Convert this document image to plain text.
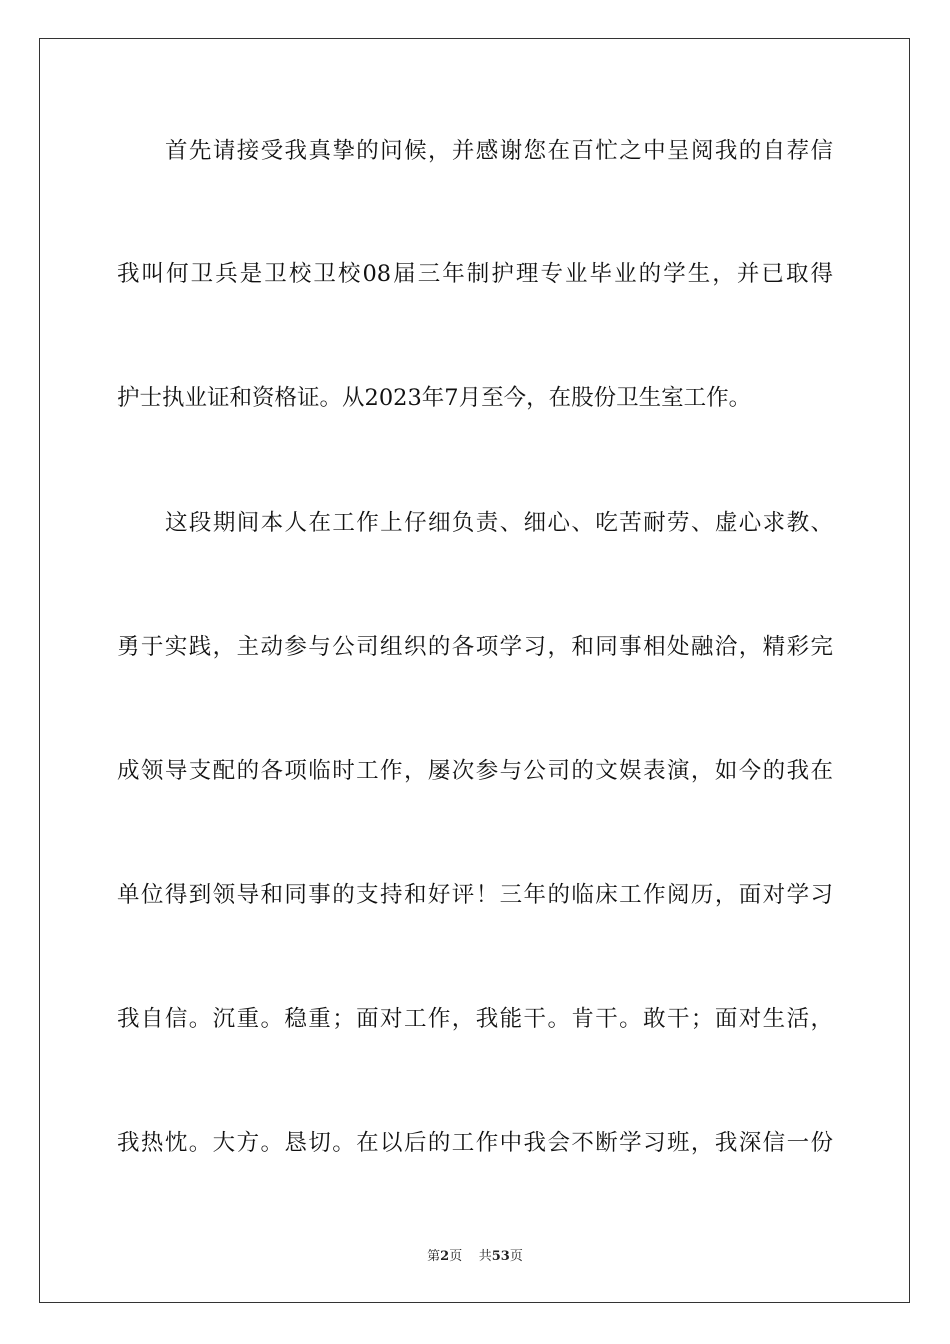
首先请接受我真挚的问候，并感谢您在百忙之中呈阅我的自荐信
我叫何卫兵是卫校卫校08届三年制护理专业毕业的学生，并已取得
护士执业证和资格证。从2023年7月至今，在股份卫生室工作。
这段期间本人在工作上仔细负责、细心、吃苦耐劳、虚心求教、
勇于实践，主动参与公司组织的各项学习，和同事相处融洽，精彩完
成领导支配的各项临时工作，屡次参与公司的文娱表演，如今的我在
单位得到领导和同事的支持和好评！三年的临床工作阅历，面对学习
我自信。沉重。稳重；面对工作，我能干。肯干。敢干；面对生活，
我热忱。大方。恳切。在以后的工作中我会不断学习班，我深信一份
第2页 共53页
